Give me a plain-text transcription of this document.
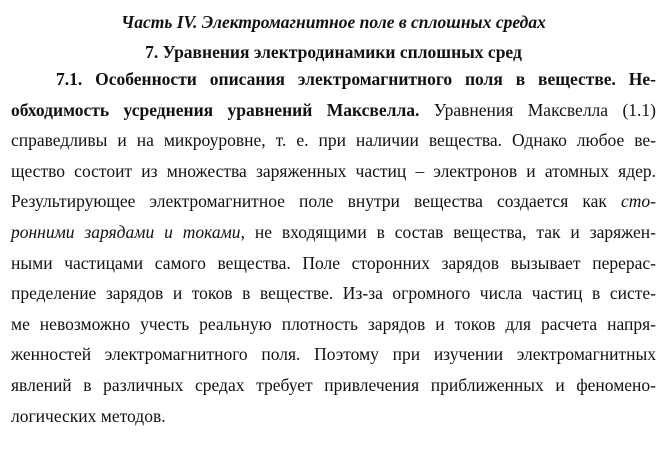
Часть IV. Электромагнитное поле в сплошных средах
7. Уравнения электродинамики сплошных сред
7.1. Особенности описания электромагнитного поля в веществе. Не-
обходимость усреднения уравнений Максвелла. Уравнения Максвелла (1.1)
справедливы и на микроуровне, т. е. при наличии вещества. Однако любое ве-
щество состоит из множества заряженных частиц – электронов и атомных ядер.
Результирующее электромагнитное поле внутри вещества создается как сто-
ронними зарядами и токами, не входящими в состав вещества, так и заряжен-
ными частицами самого вещества. Поле сторонних зарядов вызывает перерас-
пределение зарядов и токов в веществе. Из-за огромного числа частиц в систе-
ме невозможно учесть реальную плотность зарядов и токов для расчета напря-
женностей электромагнитного поля. Поэтому при изучении электромагнитных
явлений в различных средах требует привлечения приближенных и феномено-
логических методов.
